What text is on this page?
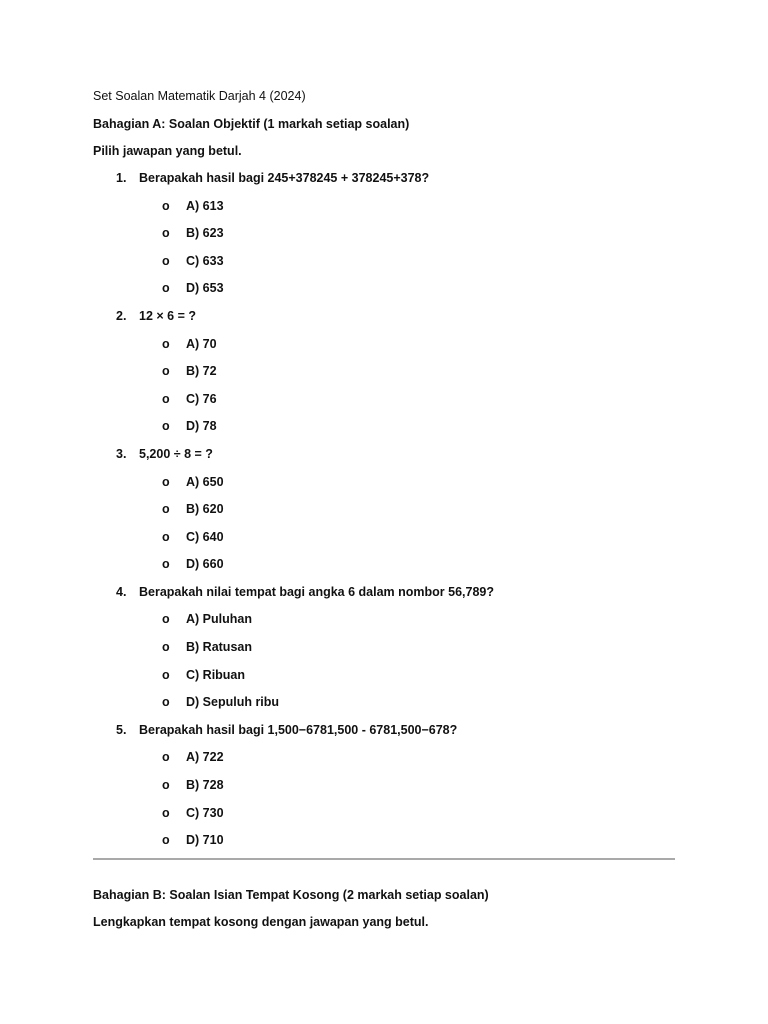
Set Soalan Matematik Darjah 4 (2024)
Bahagian A: Soalan Objektif (1 markah setiap soalan)
Pilih jawapan yang betul.
1. Berapakah hasil bagi 245+378245 + 378245+378?
o A) 613
o B) 623
o C) 633
o D) 653
2. 12 × 6 = ?
o A) 70
o B) 72
o C) 76
o D) 78
3. 5,200 ÷ 8 = ?
o A) 650
o B) 620
o C) 640
o D) 660
4. Berapakah nilai tempat bagi angka 6 dalam nombor 56,789?
o A) Puluhan
o B) Ratusan
o C) Ribuan
o D) Sepuluh ribu
5. Berapakah hasil bagi 1,500−6781,500 - 6781,500−678?
o A) 722
o B) 728
o C) 730
o D) 710
Bahagian B: Soalan Isian Tempat Kosong (2 markah setiap soalan)
Lengkapkan tempat kosong dengan jawapan yang betul.
